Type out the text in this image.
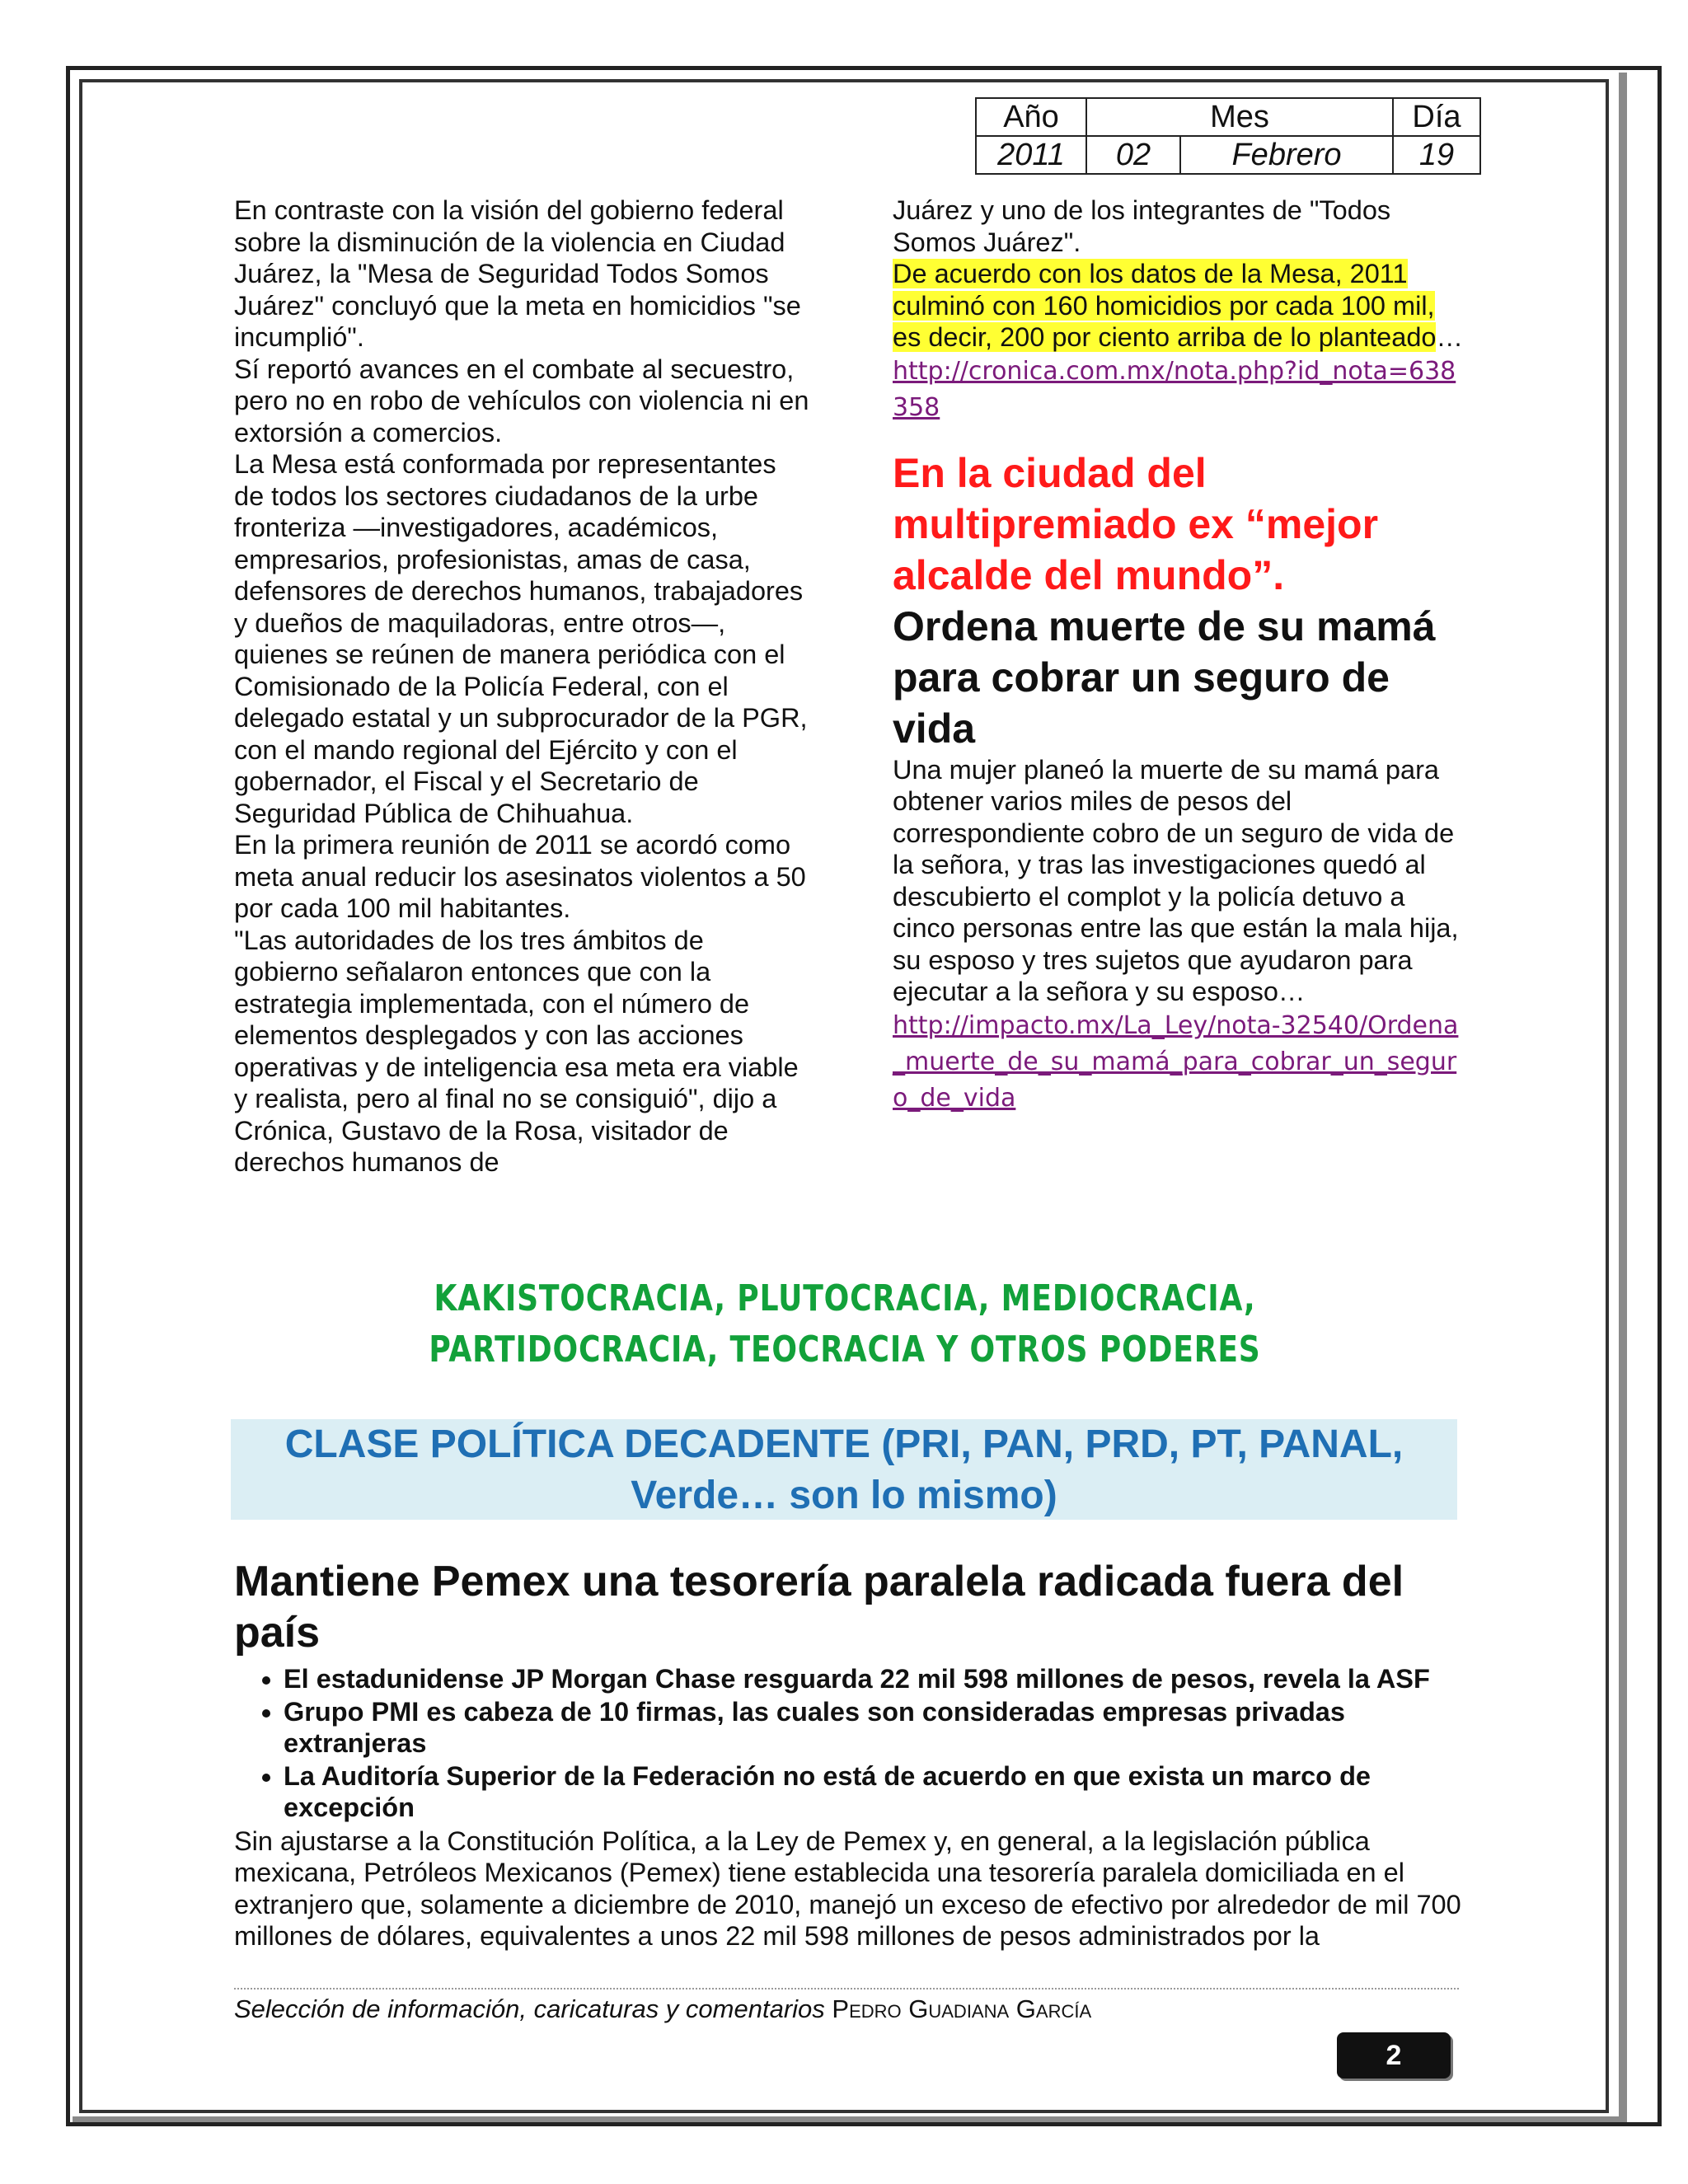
Año	Mes		Día
2011	02	Febrero	19

En contraste con la visión del gobierno federal sobre la disminución de la violencia en Ciudad Juárez, la "Mesa de Seguridad Todos Somos Juárez" concluyó que la meta en homicidios "se incumplió".

Sí reportó avances en el combate al secuestro, pero no en robo de vehículos con violencia ni en extorsión a comercios.

La Mesa está conformada por representantes de todos los sectores ciudadanos de la urbe fronteriza —investigadores, académicos, empresarios, profesionistas, amas de casa, defensores de derechos humanos, trabajadores y dueños de maquiladoras, entre otros—, quienes se reúnen de manera periódica con el Comisionado de la Policía Federal, con el delegado estatal y un subprocurador de la PGR, con el mando regional del Ejército y con el gobernador, el Fiscal y el Secretario de Seguridad Pública de Chihuahua.

En la primera reunión de 2011 se acordó como meta anual reducir los asesinatos violentos a 50 por cada 100 mil habitantes.

"Las autoridades de los tres ámbitos de gobierno señalaron entonces que con la estrategia implementada, con el número de elementos desplegados y con las acciones operativas y de inteligencia esa meta era viable y realista, pero al final no se consiguió", dijo a Crónica, Gustavo de la Rosa, visitador de derechos humanos de

Juárez y uno de los integrantes de "Todos Somos Juárez".

De acuerdo con los datos de la Mesa, 2011 culminó con 160 homicidios por cada 100 mil, es decir, 200 por ciento arriba de lo planteado…

http://cronica.com.mx/nota.php?id_nota=638358
En la ciudad del multipremiado ex “mejor alcalde del mundo”.
Ordena muerte de su mamá para cobrar un seguro de vida

Una mujer planeó la muerte de su mamá para obtener varios miles de pesos del correspondiente cobro de un seguro de vida de la señora, y tras las investigaciones quedó al descubierto el complot y la policía detuvo a cinco personas entre las que están la mala hija, su esposo y tres sujetos que ayudaron para ejecutar a la señora y su esposo…

http://impacto.mx/La_Ley/nota-32540/Ordena_muerte_de_su_mamá_para_cobrar_un_seguro_de_vida
KAKISTOCRACIA, PLUTOCRACIA, MEDIOCRACIA, PARTIDOCRACIA, TEOCRACIA Y OTROS PODERES
CLASE POLÍTICA DECADENTE (PRI, PAN, PRD, PT, PANAL, Verde… son lo mismo)
Mantiene Pemex una tesorería paralela radicada fuera del país
• El estadunidense JP Morgan Chase resguarda 22 mil 598 millones de pesos, revela la ASF
• Grupo PMI es cabeza de 10 firmas, las cuales son consideradas empresas privadas extranjeras
• La Auditoría Superior de la Federación no está de acuerdo en que exista un marco de excepción

Sin ajustarse a la Constitución Política, a la Ley de Pemex y, en general, a la legislación pública mexicana, Petróleos Mexicanos (Pemex) tiene establecida una tesorería paralela domiciliada en el extranjero que, solamente a diciembre de 2010, manejó un exceso de efectivo por alrededor de mil 700 millones de dólares, equivalentes a unos 22 mil 598 millones de pesos administrados por la

Selección de información, caricaturas y comentarios Pedro Guadiana García
2
